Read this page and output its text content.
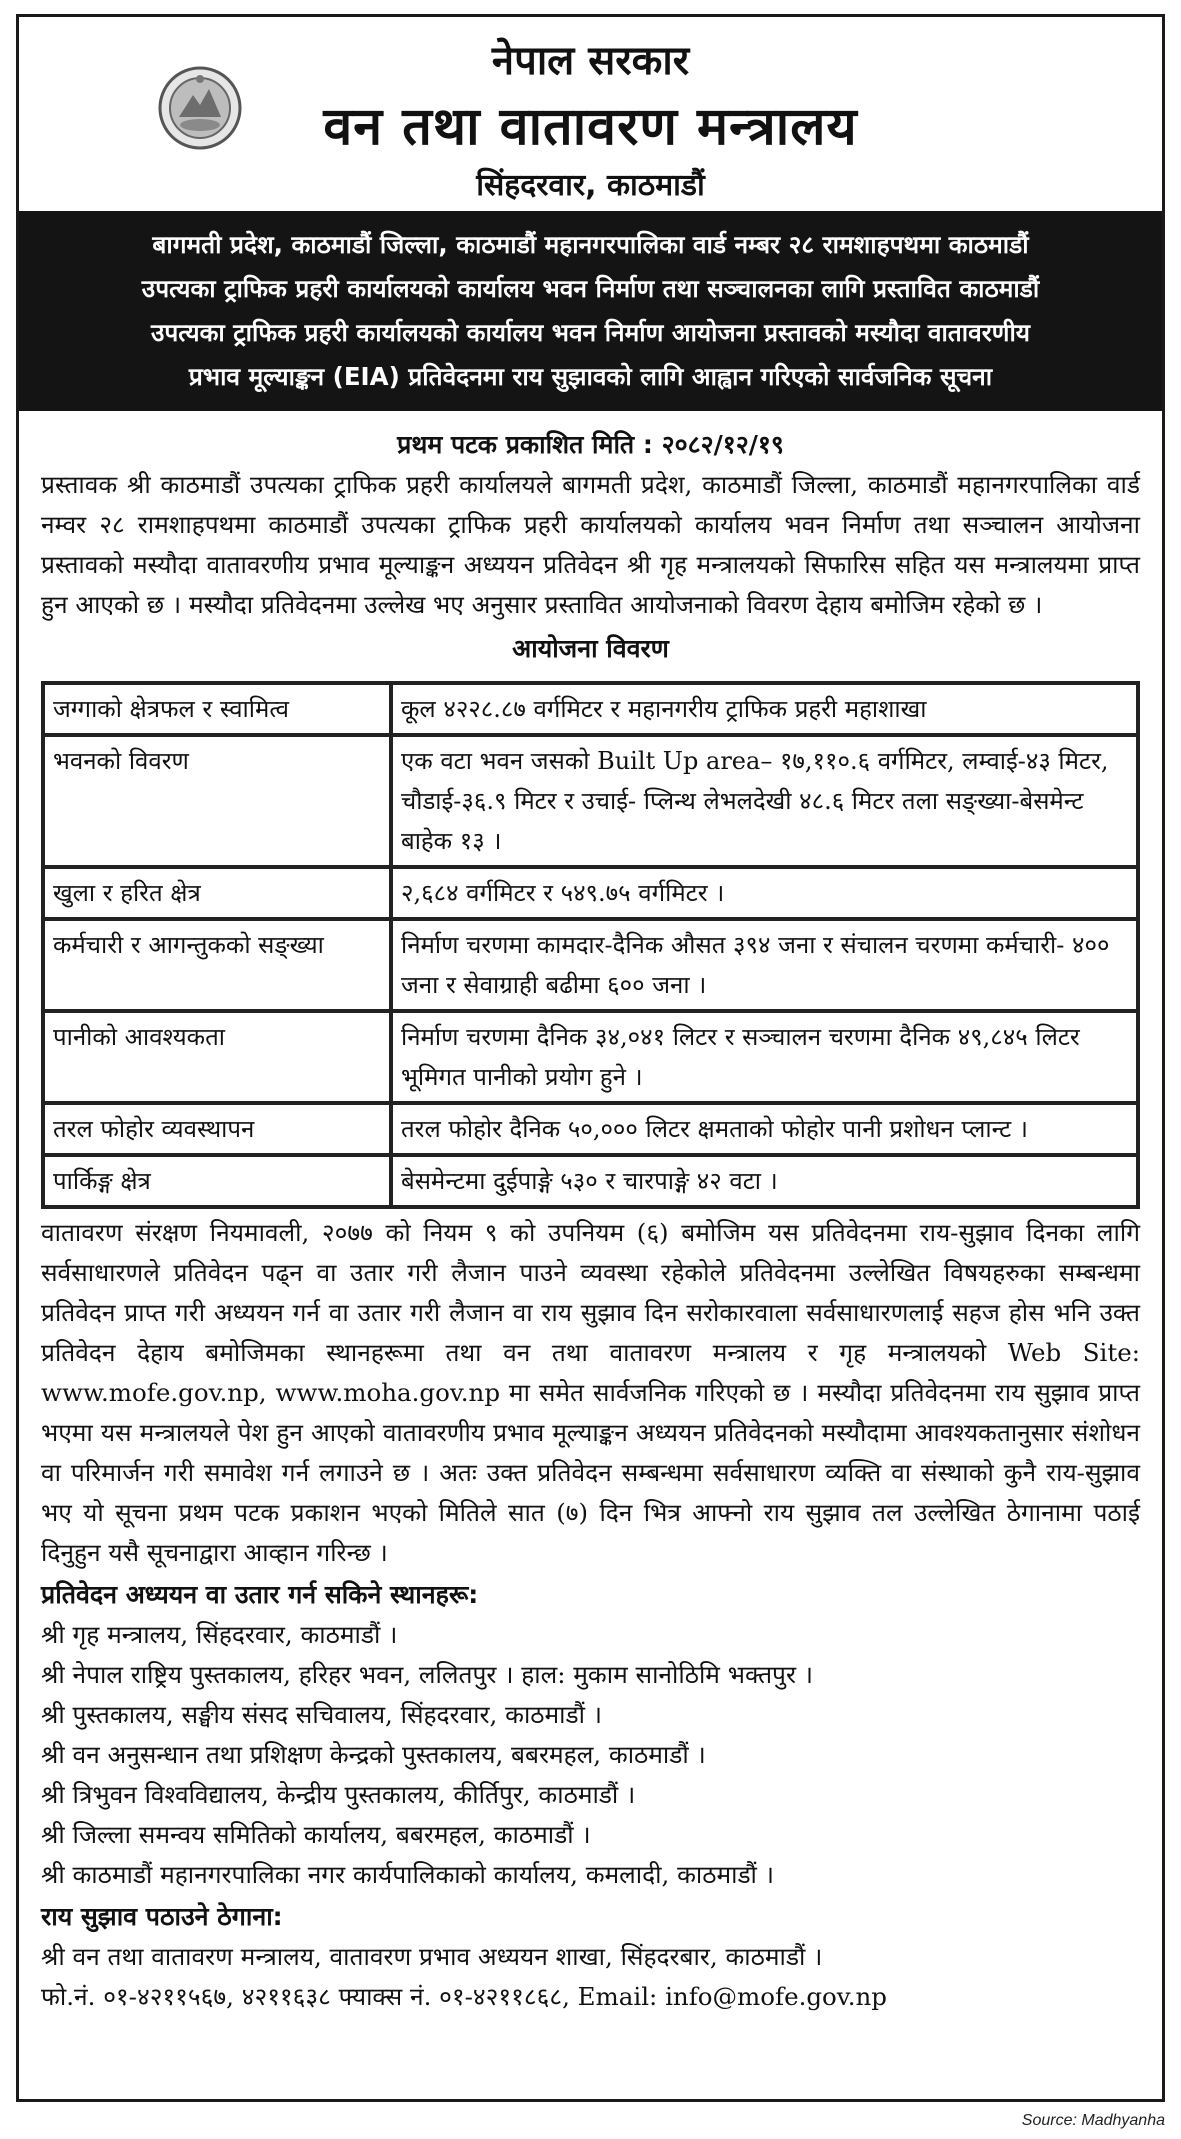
नेपाल सरकार
वन तथा वातावरण मन्त्रालय
सिंहदरवार, काठमाडौं
बागमती प्रदेश, काठमाडौं जिल्ला, काठमाडौं महानगरपालिका वार्ड नम्बर २८ रामशाहपथमा काठमाडौं
उपत्यका ट्राफिक प्रहरी कार्यालयको कार्यालय भवन निर्माण तथा सञ्चालनका लागि प्रस्तावित काठमाडौं
उपत्यका ट्राफिक प्रहरी कार्यालयको कार्यालय भवन निर्माण आयोजना प्रस्तावको मस्यौदा वातावरणीय
प्रभाव मूल्याङ्कन (EIA) प्रतिवेदनमा राय सुझावको लागि आह्वान गरिएको सार्वजनिक सूचना
प्रथम पटक प्रकाशित मिति : २०८२/१२/१९

प्रस्तावक श्री काठमाडौं उपत्यका ट्राफिक प्रहरी कार्यालयले बागमती प्रदेश, काठमाडौं जिल्ला, काठमाडौं महानगरपालिका वार्ड नम्वर २८ रामशाहपथमा काठमाडौं उपत्यका ट्राफिक प्रहरी कार्यालयको कार्यालय भवन निर्माण तथा सञ्चालन आयोजना प्रस्तावको मस्यौदा वातावरणीय प्रभाव मूल्याङ्कन अध्ययन प्रतिवेदन श्री गृह मन्त्रालयको सिफारिस सहित यस मन्त्रालयमा प्राप्त हुन आएको छ । मस्यौदा प्रतिवेदनमा उल्लेख भए अनुसार प्रस्तावित आयोजनाको विवरण देहाय बमोजिम रहेको छ ।

आयोजना विवरण
जग्गाको क्षेत्रफल र स्वामित्व	कूल ४२२८.८७ वर्गमिटर र महानगरीय ट्राफिक प्रहरी महाशाखा
भवनको विवरण	एक वटा भवन जसको Built Up area– १७,११०.६ वर्गमिटर, लम्वाई-४३ मिटर, चौडाई-३६.९ मिटर र उचाई- प्लिन्थ लेभलदेखी ४८.६ मिटर तला सङ्ख्या-बेसमेन्ट बाहेक १३ ।
खुला र हरित क्षेत्र	२,६८४ वर्गमिटर र ५४९.७५ वर्गमिटर ।
कर्मचारी र आगन्तुकको सङ्ख्या	निर्माण चरणमा कामदार-दैनिक औसत ३९४ जना र संचालन चरणमा कर्मचारी- ४०० जना र सेवाग्राही बढीमा ६०० जना ।
पानीको आवश्यकता	निर्माण चरणमा दैनिक ३४,०४१ लिटर र सञ्चालन चरणमा दैनिक ४९,८४५ लिटर भूमिगत पानीको प्रयोग हुने ।
तरल फोहोर व्यवस्थापन	तरल फोहोर दैनिक ५०,००० लिटर क्षमताको फोहोर पानी प्रशोधन प्लान्ट ।
पार्किङ्ग क्षेत्र	बेसमेन्टमा दुईपाङ्गे ५३० र चारपाङ्गे ४२ वटा ।

वातावरण संरक्षण नियमावली, २०७७ को नियम ९ को उपनियम (६) बमोजिम यस प्रतिवेदनमा राय-सुझाव दिनका लागि सर्वसाधारणले प्रतिवेदन पढ्न वा उतार गरी लैजान पाउने व्यवस्था रहेकोले प्रतिवेदनमा उल्लेखित विषयहरुका सम्बन्धमा प्रतिवेदन प्राप्त गरी अध्ययन गर्न वा उतार गरी लैजान वा राय सुझाव दिन सरोकारवाला सर्वसाधारणलाई सहज होस भनि उक्त प्रतिवेदन देहाय बमोजिमका स्थानहरूमा तथा वन तथा वातावरण मन्त्रालय र गृह मन्त्रालयको Web Site: www.mofe.gov.np, www.moha.gov.np मा समेत सार्वजनिक गरिएको छ । मस्यौदा प्रतिवेदनमा राय सुझाव प्राप्त भएमा यस मन्त्रालयले पेश हुन आएको वातावरणीय प्रभाव मूल्याङ्कन अध्ययन प्रतिवेदनको मस्यौदामा आवश्यकतानुसार संशोधन वा परिमार्जन गरी समावेश गर्न लगाउने छ । अतः उक्त प्रतिवेदन सम्बन्धमा सर्वसाधारण व्यक्ति वा संस्थाको कुनै राय-सुझाव भए यो सूचना प्रथम पटक प्रकाशन भएको मितिले सात (७) दिन भित्र आफ्नो राय सुझाव तल उल्लेखित ठेगानामा पठाई दिनुहुन यसै सूचनाद्वारा आव्हान गरिन्छ ।

प्रतिवेदन अध्ययन वा उतार गर्न सकिने स्थानहरू:
श्री गृह मन्त्रालय, सिंहदरवार, काठमाडौं ।
श्री नेपाल राष्ट्रिय पुस्तकालय, हरिहर भवन, ललितपुर । हाल: मुकाम सानोठिमि भक्तपुर ।
श्री पुस्तकालय, सङ्घीय संसद सचिवालय, सिंहदरवार, काठमाडौं ।
श्री वन अनुसन्धान तथा प्रशिक्षण केन्द्रको पुस्तकालय, बबरमहल, काठमाडौं ।
श्री त्रिभुवन विश्वविद्यालय, केन्द्रीय पुस्तकालय, कीर्तिपुर, काठमाडौं ।
श्री जिल्ला समन्वय समितिको कार्यालय, बबरमहल, काठमाडौं ।
श्री काठमाडौं महानगरपालिका नगर कार्यपालिकाको कार्यालय, कमलादी, काठमाडौं ।
राय सुझाव पठाउने ठेगाना:
श्री वन तथा वातावरण मन्त्रालय, वातावरण प्रभाव अध्ययन शाखा, सिंहदरबार, काठमाडौं ।
फो.नं. ०१-४२११५६७, ४२११६३८ फ्याक्स नं. ०१-४२११८६८, Email: info@mofe.gov.np
Source: Madhyanha
